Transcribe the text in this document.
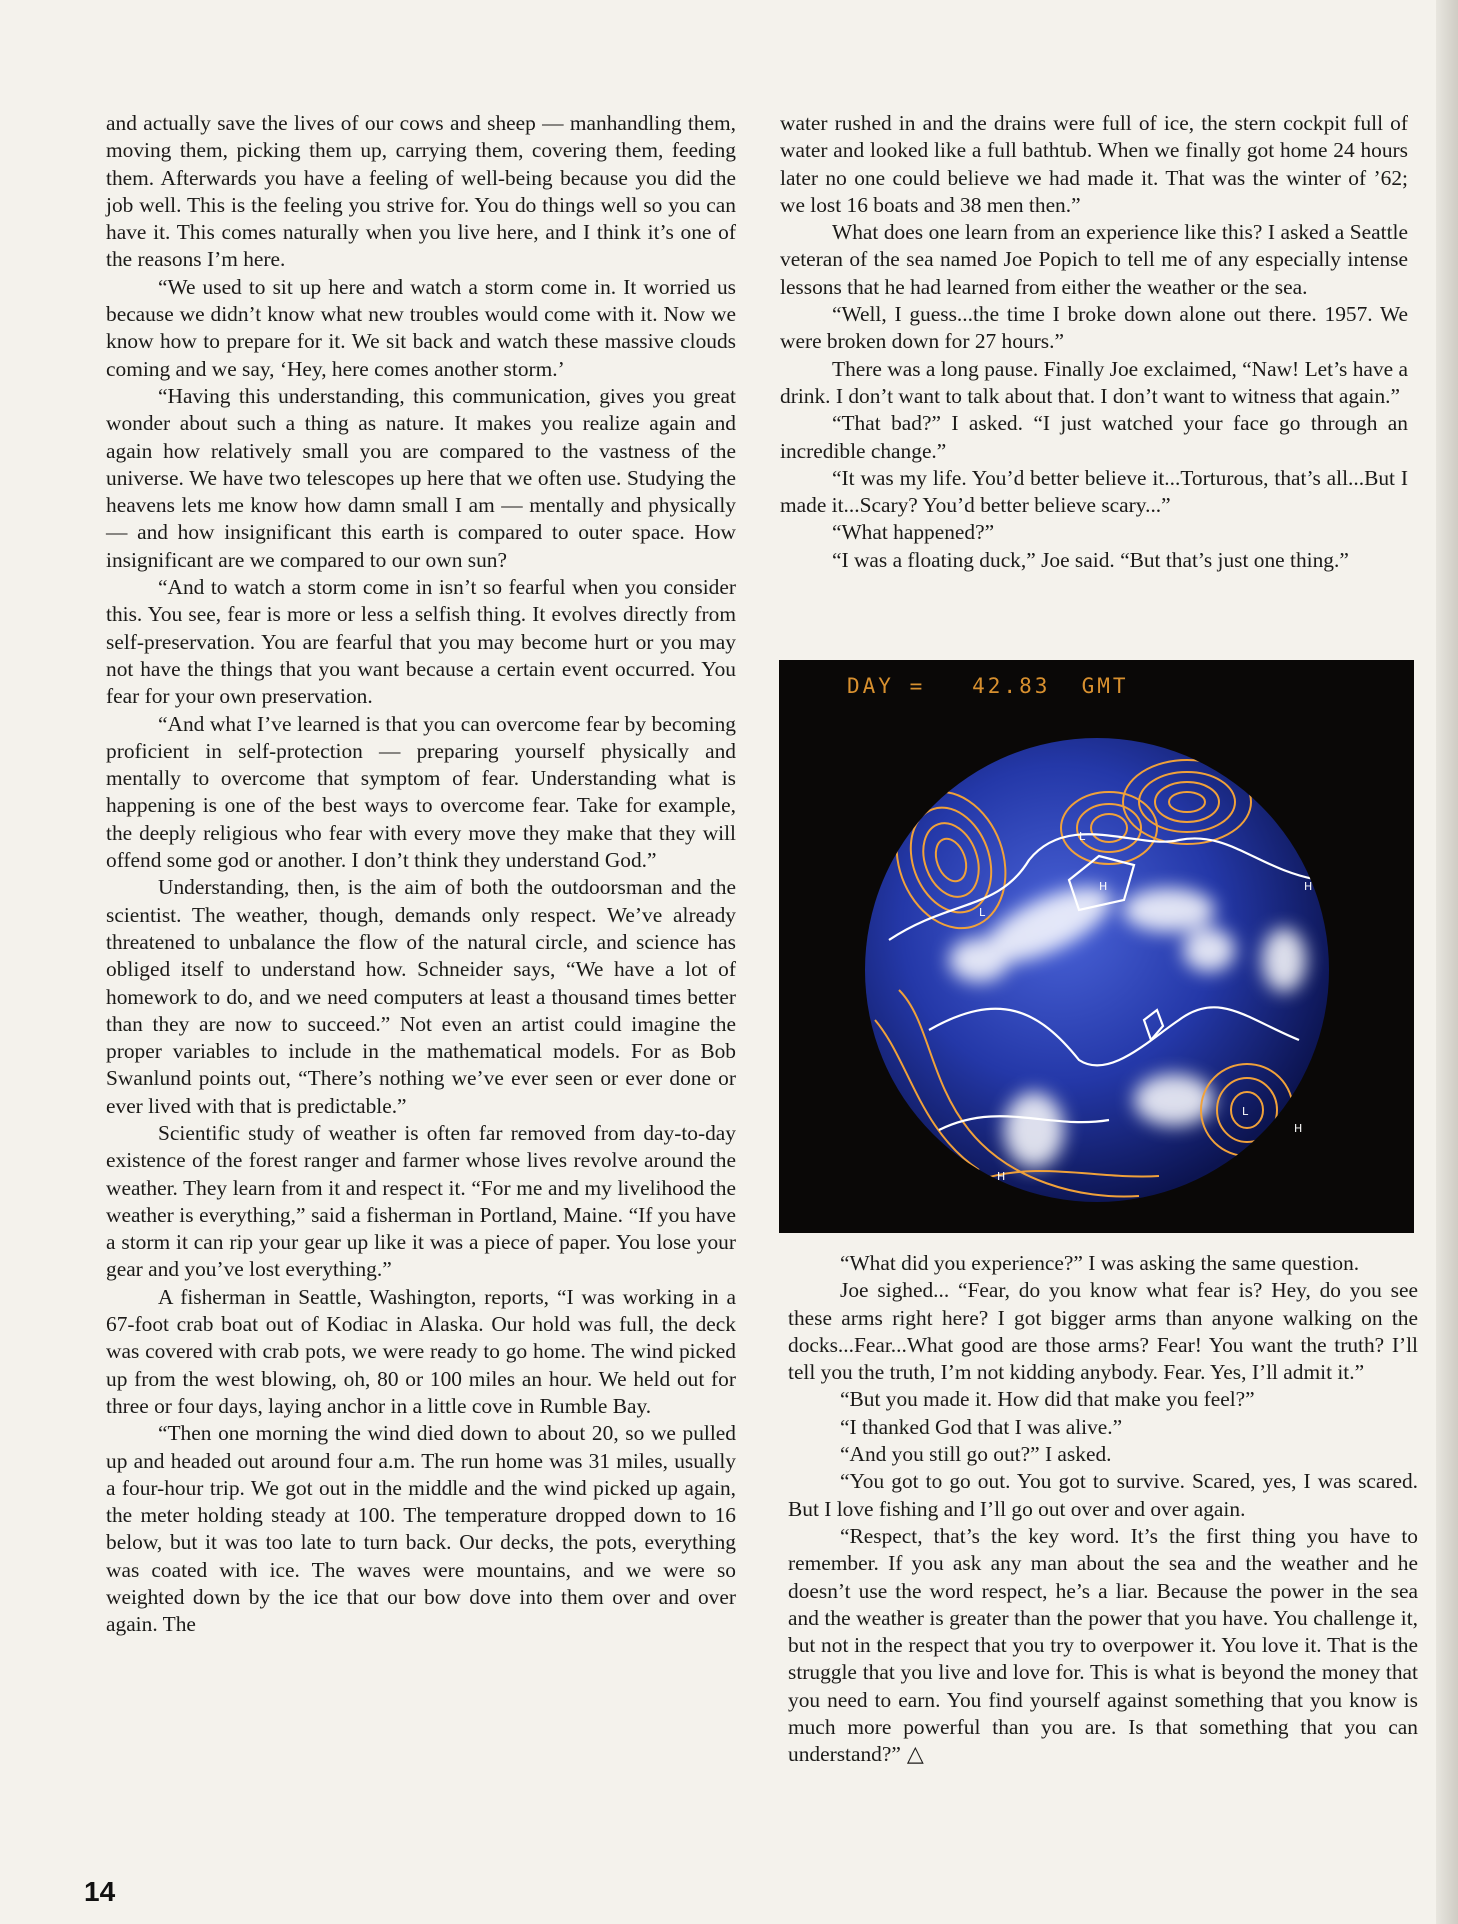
and actually save the lives of our cows and sheep — manhandling them, moving them, picking them up, carrying them, covering them, feeding them. Afterwards you have a feeling of well-being because you did the job well. This is the feeling you strive for. You do things well so you can have it. This comes naturally when you live here, and I think it’s one of the reasons I’m here.

“We used to sit up here and watch a storm come in. It worried us because we didn’t know what new troubles would come with it. Now we know how to prepare for it. We sit back and watch these massive clouds coming and we say, ‘Hey, here comes another storm.’

“Having this understanding, this communication, gives you great wonder about such a thing as nature. It makes you realize again and again how relatively small you are compared to the vastness of the universe. We have two telescopes up here that we often use. Studying the heavens lets me know how damn small I am — mentally and physically — and how insignificant this earth is compared to outer space. How insignificant are we compared to our own sun?

“And to watch a storm come in isn’t so fearful when you consider this. You see, fear is more or less a selfish thing. It evolves directly from self-preservation. You are fearful that you may become hurt or you may not have the things that you want because a certain event occurred. You fear for your own preservation.

“And what I’ve learned is that you can overcome fear by becoming proficient in self-protection — preparing yourself physically and mentally to overcome that symptom of fear. Understanding what is happening is one of the best ways to overcome fear. Take for example, the deeply religious who fear with every move they make that they will offend some god or another. I don’t think they understand God.”

Understanding, then, is the aim of both the outdoorsman and the scientist. The weather, though, demands only respect. We’ve already threatened to unbalance the flow of the natural circle, and science has obliged itself to understand how. Schneider says, “We have a lot of homework to do, and we need computers at least a thousand times better than they are now to succeed.” Not even an artist could imagine the proper variables to include in the mathematical models. For as Bob Swanlund points out, “There’s nothing we’ve ever seen or ever done or ever lived with that is predictable.”

Scientific study of weather is often far removed from day-to-day existence of the forest ranger and farmer whose lives revolve around the weather. They learn from it and respect it. “For me and my livelihood the weather is everything,” said a fisherman in Portland, Maine. “If you have a storm it can rip your gear up like it was a piece of paper. You lose your gear and you’ve lost everything.”

A fisherman in Seattle, Washington, reports, “I was working in a 67-foot crab boat out of Kodiac in Alaska. Our hold was full, the deck was covered with crab pots, we were ready to go home. The wind picked up from the west blowing, oh, 80 or 100 miles an hour. We held out for three or four days, laying anchor in a little cove in Rumble Bay.

“Then one morning the wind died down to about 20, so we pulled up and headed out around four a.m. The run home was 31 miles, usually a four-hour trip. We got out in the middle and the wind picked up again, the meter holding steady at 100. The temperature dropped down to 16 below, but it was too late to turn back. Our decks, the pots, everything was coated with ice. The waves were mountains, and we were so weighted down by the ice that our bow dove into them over and over again. The

water rushed in and the drains were full of ice, the stern cockpit full of water and looked like a full bathtub. When we finally got home 24 hours later no one could believe we had made it. That was the winter of ’62; we lost 16 boats and 38 men then.”

What does one learn from an experience like this? I asked a Seattle veteran of the sea named Joe Popich to tell me of any especially intense lessons that he had learned from either the weather or the sea.

“Well, I guess...the time I broke down alone out there. 1957. We were broken down for 27 hours.”

There was a long pause. Finally Joe exclaimed, “Naw! Let’s have a drink. I don’t want to talk about that. I don’t want to witness that again.”

“That bad?” I asked. “I just watched your face go through an incredible change.”

“It was my life. You’d better believe it...Torturous, that’s all...But I made it...Scary? You’d better believe scary...”

“What happened?”

“I was a floating duck,” Joe said. “But that’s just one thing.”

L
H	H
L
H
L
H
DAY =   42.83  GMT

“What did you experience?” I was asking the same question.

Joe sighed... “Fear, do you know what fear is? Hey, do you see these arms right here? I got bigger arms than anyone walking on the docks...Fear...What good are those arms? Fear! You want the truth? I’ll tell you the truth, I’m not kidding anybody. Fear. Yes, I’ll admit it.”

“But you made it. How did that make you feel?”

“I thanked God that I was alive.”

“And you still go out?” I asked.

“You got to go out. You got to survive. Scared, yes, I was scared. But I love fishing and I’ll go out over and over again.

“Respect, that’s the key word. It’s the first thing you have to remember. If you ask any man about the sea and the weather and he doesn’t use the word respect, he’s a liar. Because the power in the sea and the weather is greater than the power that you have. You challenge it, but not in the respect that you try to overpower it. You love it. That is the struggle that you live and love for. This is what is beyond the money that you need to earn. You find yourself against something that you know is much more powerful than you are. Is that something that you can understand?” △

14
